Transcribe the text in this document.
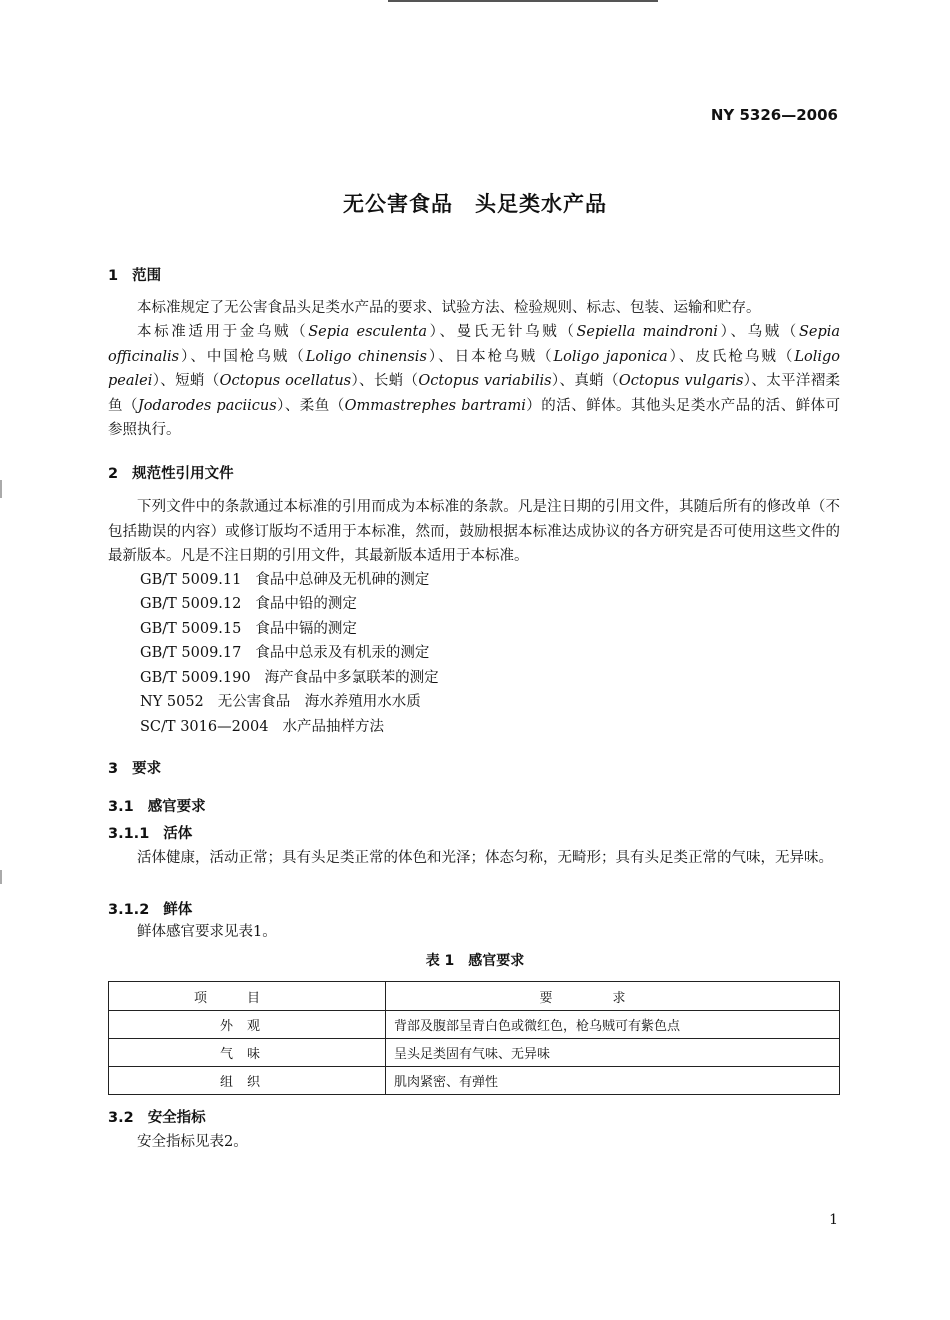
NY 5326—2006
无公害食品　头足类水产品
1 范围
本标准规定了无公害食品头足类水产品的要求、试验方法、检验规则、标志、包装、运输和贮存。
本标准适用于金乌贼（Sepia esculenta）、曼氏无针乌贼（Sepiella maindroni）、乌贼（Sepia officinalis）、中国枪乌贼（Loligo chinensis）、日本枪乌贼（Loligo japonica）、皮氏枪乌贼（Loligo pealei）、短蛸（Octopus ocellatus）、长蛸（Octopus variabilis）、真蛸（Octopus vulgaris）、太平洋褶柔鱼（Jodarodes paciicus）、柔鱼（Ommastrephes bartrami）的活、鲜体。其他头足类水产品的活、鲜体可参照执行。
2 规范性引用文件
下列文件中的条款通过本标准的引用而成为本标准的条款。凡是注日期的引用文件，其随后所有的修改单（不包括勘误的内容）或修订版均不适用于本标准，然而，鼓励根据本标准达成协议的各方研究是否可使用这些文件的最新版本。凡是不注日期的引用文件，其最新版本适用于本标准。
GB/T 5009.11 食品中总砷及无机砷的测定
GB/T 5009.12 食品中铅的测定
GB/T 5009.15 食品中镉的测定
GB/T 5009.17 食品中总汞及有机汞的测定
GB/T 5009.190 海产食品中多氯联苯的测定
NY 5052 无公害食品　海水养殖用水水质
SC/T 3016—2004 水产品抽样方法
3 要求
3.1 感官要求
3.1.1 活体
活体健康，活动正常；具有头足类正常的体色和光泽；体态匀称，无畸形；具有头足类正常的气味，无异味。
3.1.2 鲜体
鲜体感官要求见表1。
表 1　感官要求
项目	要求
外观	背部及腹部呈青白色或微红色，枪乌贼可有紫色点
气味	呈头足类固有气味、无异味
组织	肌肉紧密、有弹性
3.2 安全指标
安全指标见表2。
1
